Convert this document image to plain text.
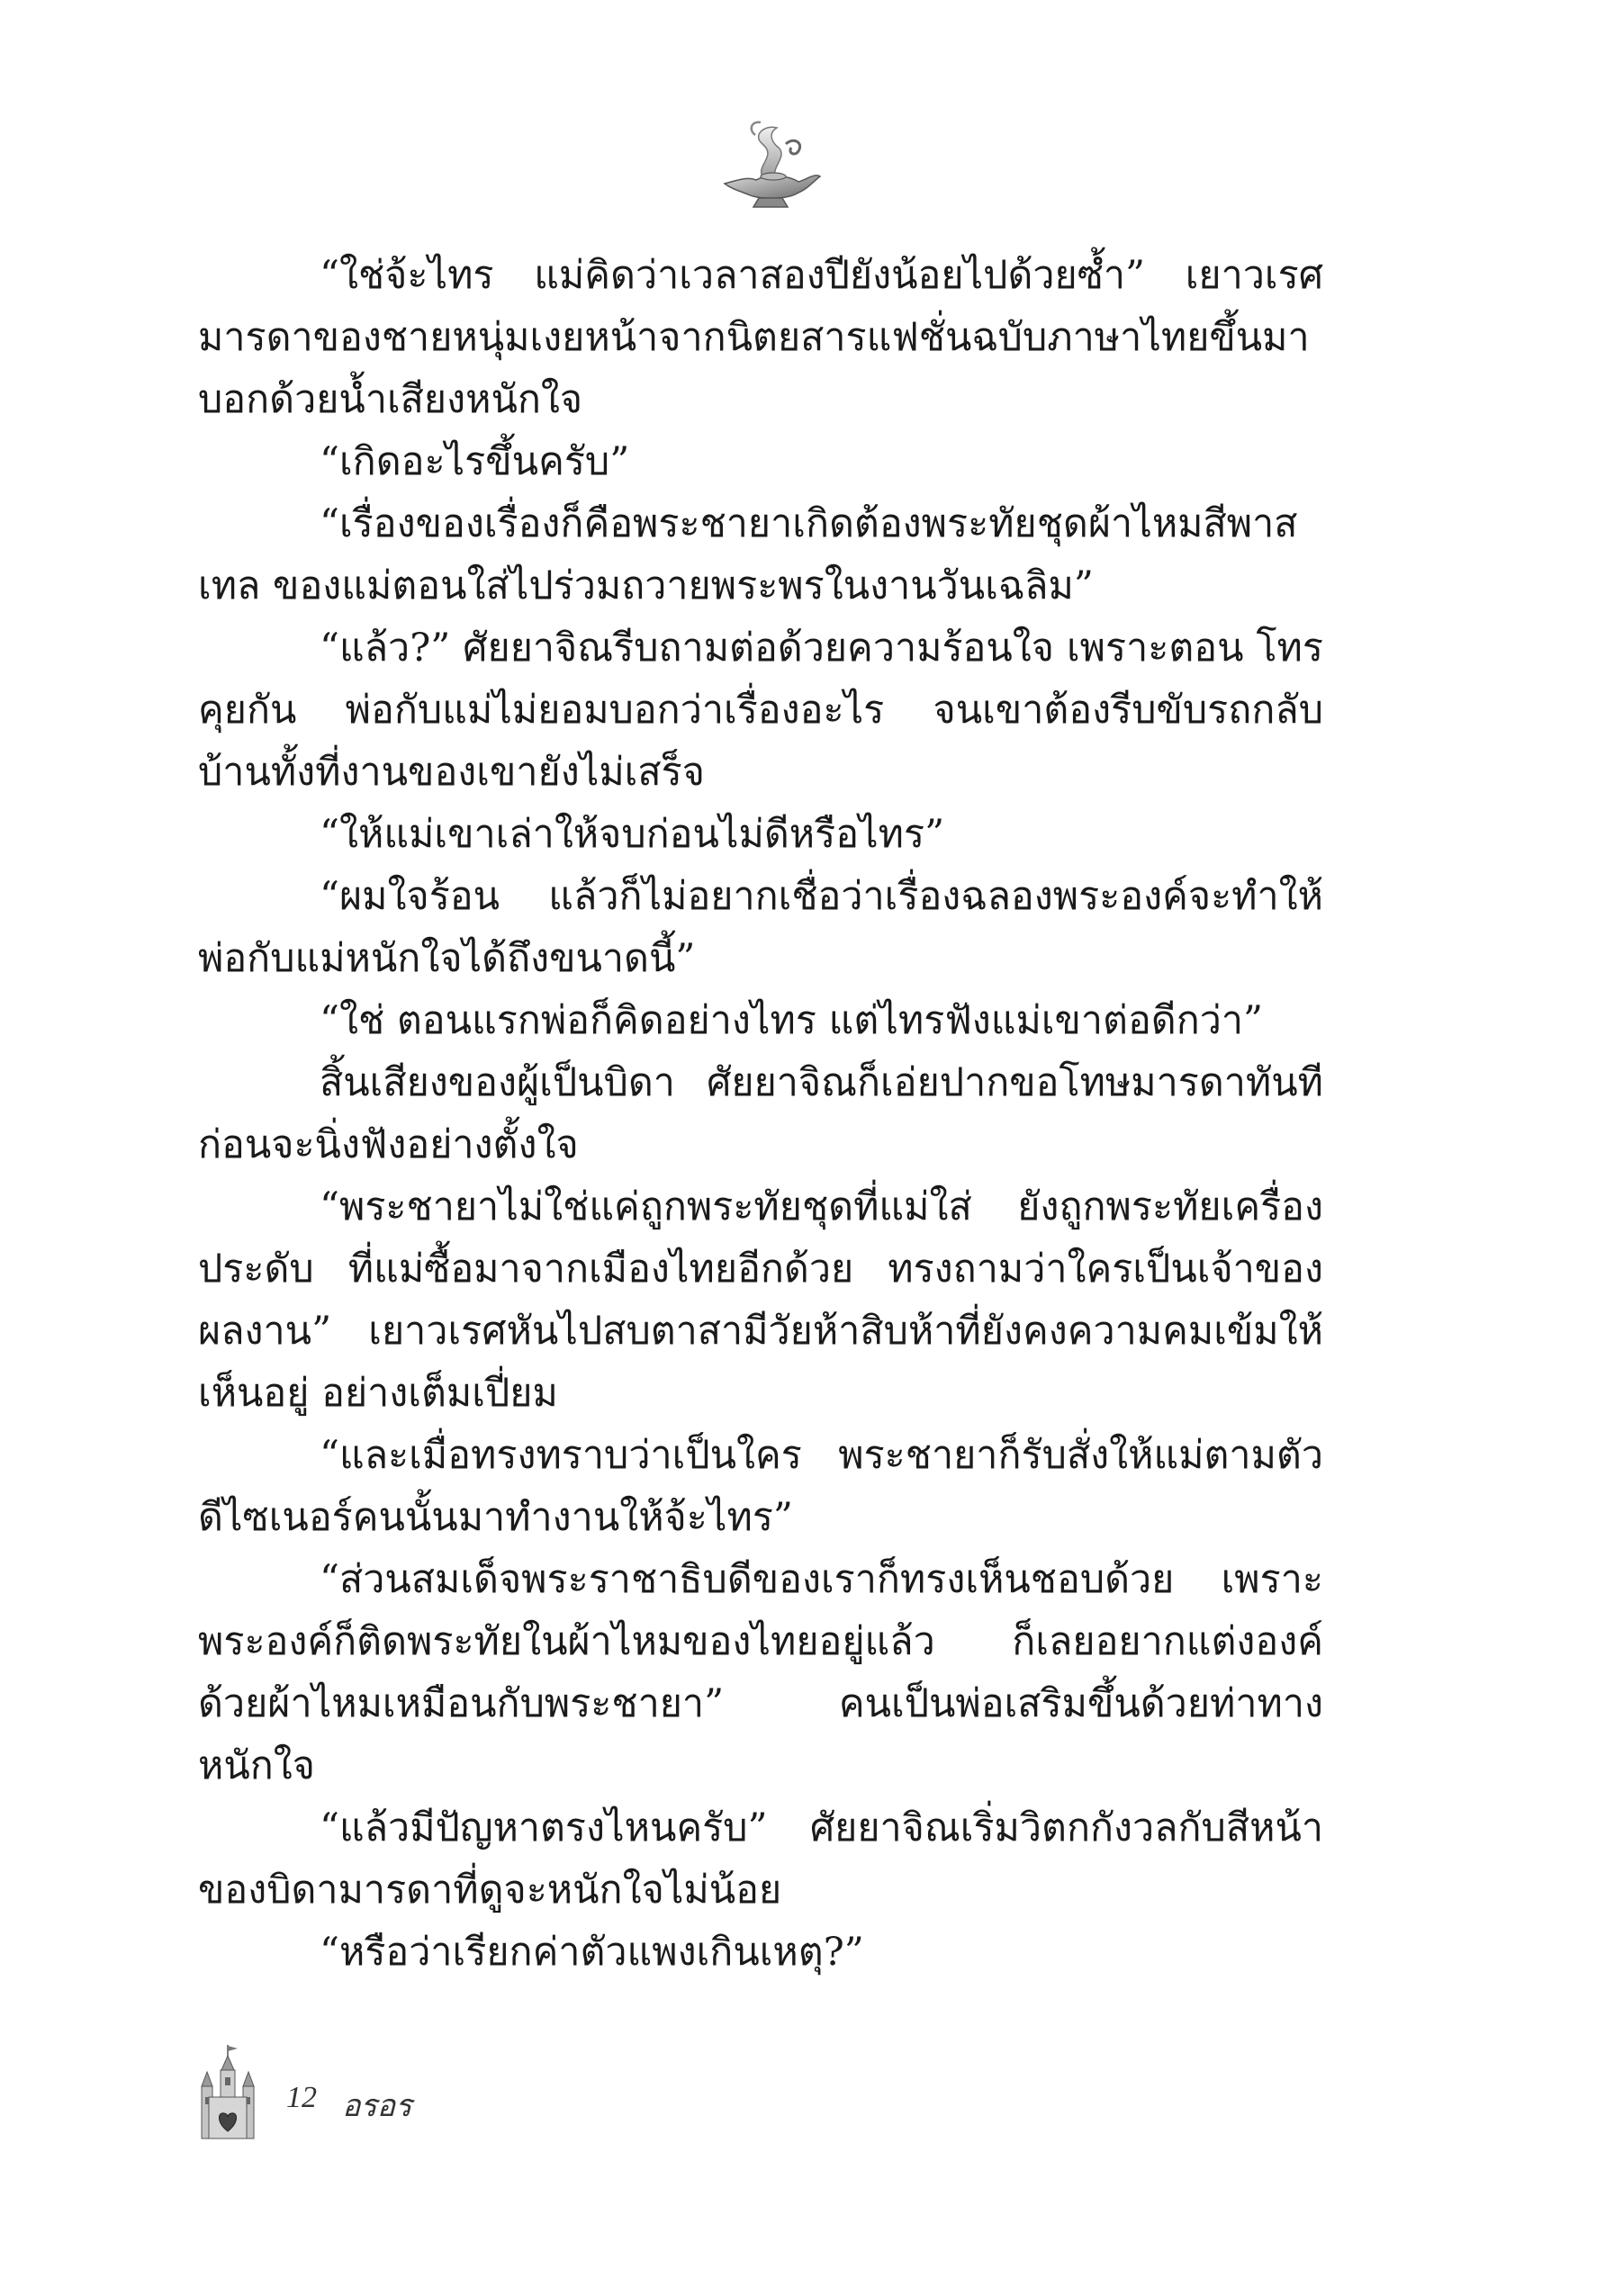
“ใช่จ้ะไทร แม่คิดว่าเวลาสองปียังน้อยไปด้วยซ้ำ” เยาวเรศ มารดาของชายหนุ่มเงยหน้าจากนิตยสารแฟชั่นฉบับภาษาไทยขึ้นมา บอกด้วยน้ำเสียงหนักใจ

“เกิดอะไรขึ้นครับ”

“เรื่องของเรื่องก็คือพระชายาเกิดต้องพระทัยชุดผ้าไหมสีพาสเทล ของแม่ตอนใส่ไปร่วมถวายพระพรในงานวันเฉลิม”

“แล้ว?” ศัยยาจิณรีบถามต่อด้วยความร้อนใจ เพราะตอน โทรคุยกัน พ่อกับแม่ไม่ยอมบอกว่าเรื่องอะไร จนเขาต้องรีบขับรถกลับ บ้านทั้งที่งานของเขายังไม่เสร็จ

“ให้แม่เขาเล่าให้จบก่อนไม่ดีหรือไทร”

“ผมใจร้อน แล้วก็ไม่อยากเชื่อว่าเรื่องฉลองพระองค์จะทำให้ พ่อกับแม่หนักใจได้ถึงขนาดนี้”

“ใช่ ตอนแรกพ่อก็คิดอย่างไทร แต่ไทรฟังแม่เขาต่อดีกว่า”

สิ้นเสียงของผู้เป็นบิดา ศัยยาจิณก็เอ่ยปากขอโทษมารดาทันที ก่อนจะนิ่งฟังอย่างตั้งใจ

“พระชายาไม่ใช่แค่ถูกพระทัยชุดที่แม่ใส่ ยังถูกพระทัยเครื่องประดับ ที่แม่ซื้อมาจากเมืองไทยอีกด้วย ทรงถามว่าใครเป็นเจ้าของผลงาน” เยาวเรศหันไปสบตาสามีวัยห้าสิบห้าที่ยังคงความคมเข้มให้เห็นอยู่ อย่างเต็มเปี่ยม

“และเมื่อทรงทราบว่าเป็นใคร พระชายาก็รับสั่งให้แม่ตามตัว ดีไซเนอร์คนนั้นมาทำงานให้จ้ะไทร”

“ส่วนสมเด็จพระราชาธิบดีของเราก็ทรงเห็นชอบด้วย เพราะ พระองค์ก็ติดพระทัยในผ้าไหมของไทยอยู่แล้ว ก็เลยอยากแต่งองค์ ด้วยผ้าไหมเหมือนกับพระชายา” คนเป็นพ่อเสริมขึ้นด้วยท่าทางหนักใจ

“แล้วมีปัญหาตรงไหนครับ” ศัยยาจิณเริ่มวิตกกังวลกับสีหน้า ของบิดามารดาที่ดูจะหนักใจไม่น้อย

“หรือว่าเรียกค่าตัวแพงเกินเหตุ?”

12 อรอร
